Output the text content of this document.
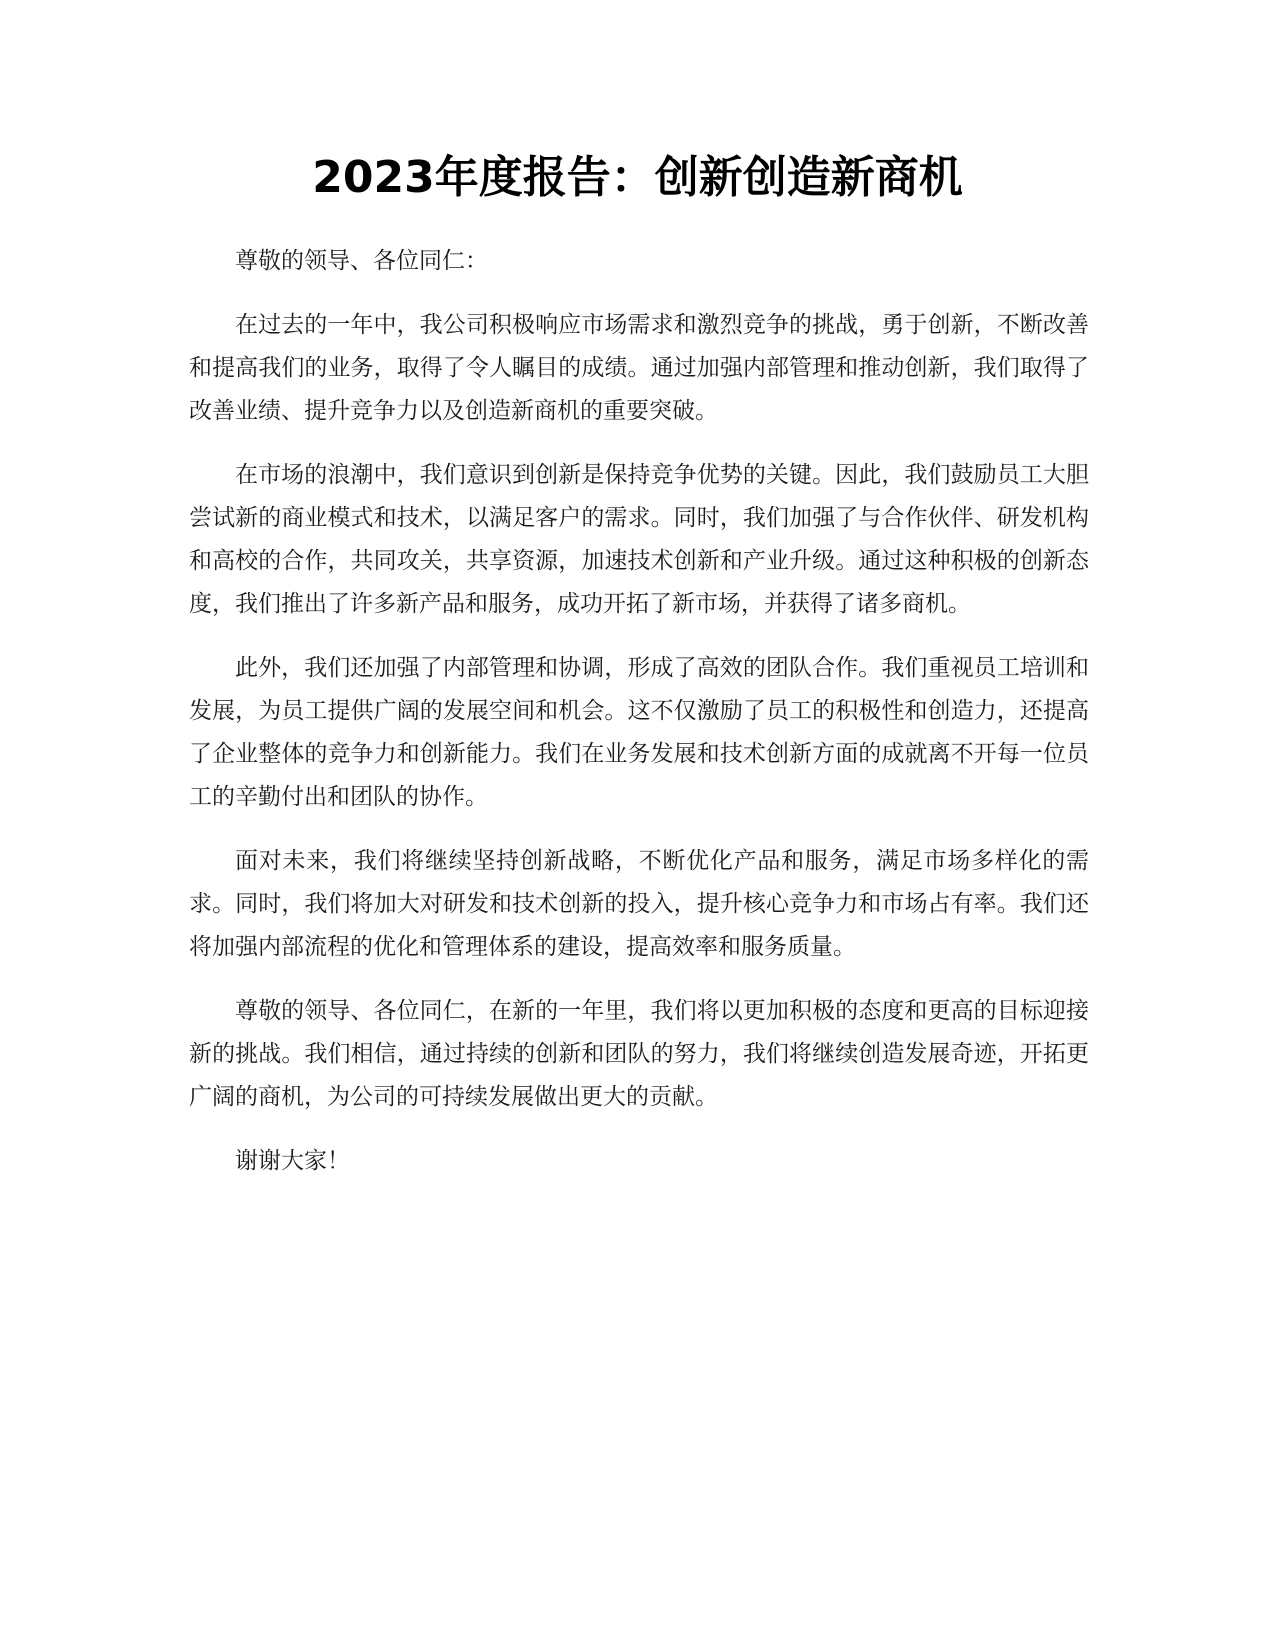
2023年度报告：创新创造新商机

尊敬的领导、各位同仁：

在过去的一年中，我公司积极响应市场需求和激烈竞争的挑战，勇于创新，不断改善和提高我们的业务，取得了令人瞩目的成绩。通过加强内部管理和推动创新，我们取得了改善业绩、提升竞争力以及创造新商机的重要突破。

在市场的浪潮中，我们意识到创新是保持竞争优势的关键。因此，我们鼓励员工大胆尝试新的商业模式和技术，以满足客户的需求。同时，我们加强了与合作伙伴、研发机构和高校的合作，共同攻关，共享资源，加速技术创新和产业升级。通过这种积极的创新态度，我们推出了许多新产品和服务，成功开拓了新市场，并获得了诸多商机。

此外，我们还加强了内部管理和协调，形成了高效的团队合作。我们重视员工培训和发展，为员工提供广阔的发展空间和机会。这不仅激励了员工的积极性和创造力，还提高了企业整体的竞争力和创新能力。我们在业务发展和技术创新方面的成就离不开每一位员工的辛勤付出和团队的协作。

面对未来，我们将继续坚持创新战略，不断优化产品和服务，满足市场多样化的需求。同时，我们将加大对研发和技术创新的投入，提升核心竞争力和市场占有率。我们还将加强内部流程的优化和管理体系的建设，提高效率和服务质量。

尊敬的领导、各位同仁，在新的一年里，我们将以更加积极的态度和更高的目标迎接新的挑战。我们相信，通过持续的创新和团队的努力，我们将继续创造发展奇迹，开拓更广阔的商机，为公司的可持续发展做出更大的贡献。

谢谢大家！
